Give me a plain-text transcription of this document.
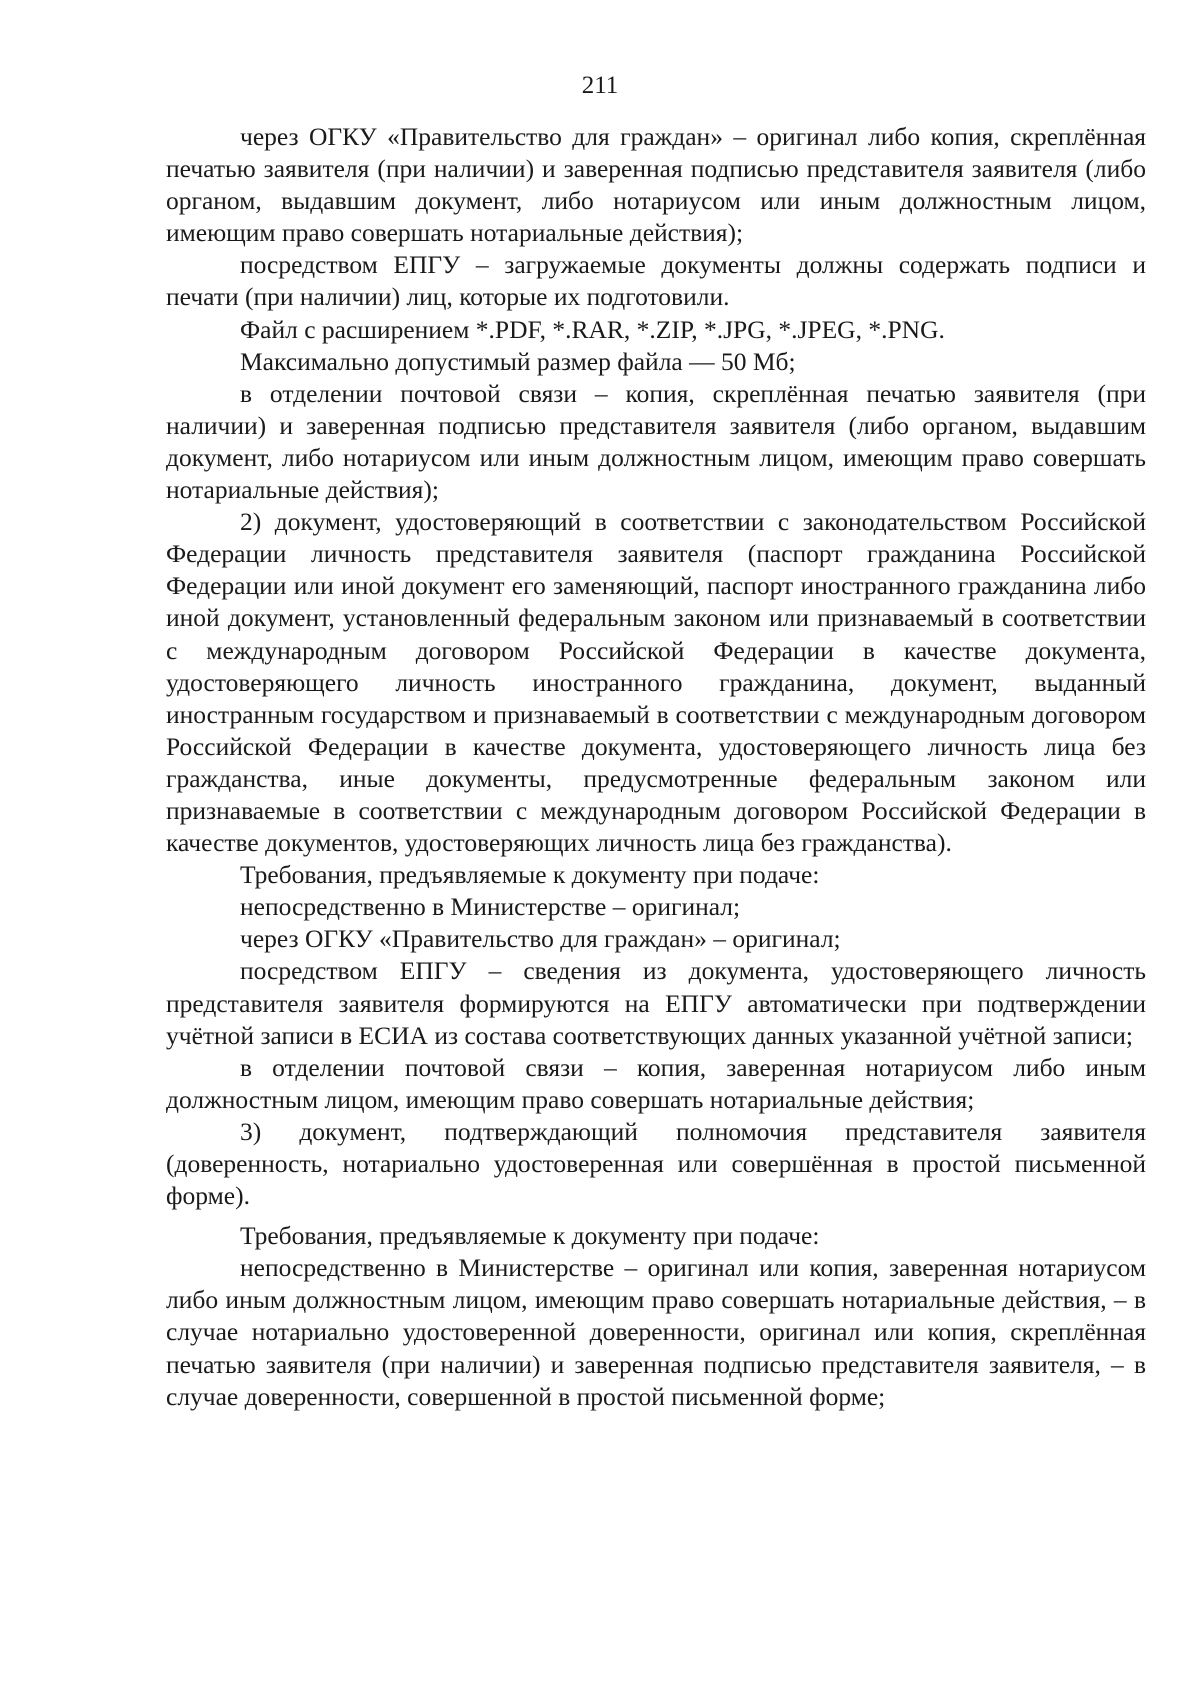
211

через ОГКУ «Правительство для граждан» – оригинал либо копия, скреплённая печатью заявителя (при наличии) и заверенная подписью представителя заявителя (либо органом, выдавшим документ, либо нотариусом или иным должностным лицом, имеющим право совершать нотариальные действия);

посредством ЕПГУ – загружаемые документы должны содержать подписи и печати (при наличии) лиц, которые их подготовили.

Файл с расширением *.PDF, *.RAR, *.ZIP, *.JPG, *.JPEG, *.PNG.

Максимально допустимый размер файла — 50 Мб;

в отделении почтовой связи – копия, скреплённая печатью заявителя (при наличии) и заверенная подписью представителя заявителя (либо органом, выдавшим документ, либо нотариусом или иным должностным лицом, имеющим право совершать нотариальные действия);

2) документ, удостоверяющий в соответствии с законодательством Российской Федерации личность представителя заявителя (паспорт гражданина Российской Федерации или иной документ его заменяющий, паспорт иностранного гражданина либо иной документ, установленный федеральным законом или признаваемый в соответствии с международным договором Российской Федерации в качестве документа, удостоверяющего личность иностранного гражданина, документ, выданный иностранным государством и признаваемый в соответствии с международным договором Российской Федерации в качестве документа, удостоверяющего личность лица без гражданства, иные документы, предусмотренные федеральным законом или признаваемые в соответствии с международным договором Российской Федерации в качестве документов, удостоверяющих личность лица без гражданства).

Требования, предъявляемые к документу при подаче:

непосредственно в Министерстве – оригинал;

через ОГКУ «Правительство для граждан» – оригинал;

посредством ЕПГУ – сведения из документа, удостоверяющего личность представителя заявителя формируются на ЕПГУ автоматически при подтверждении учётной записи в ЕСИА из состава соответствующих данных указанной учётной записи;

в отделении почтовой связи – копия, заверенная нотариусом либо иным должностным лицом, имеющим право совершать нотариальные действия;

3) документ, подтверждающий полномочия представителя заявителя (доверенность, нотариально удостоверенная или совершённая в простой письменной форме).

Требования, предъявляемые к документу при подаче:

непосредственно в Министерстве – оригинал или копия, заверенная нотариусом либо иным должностным лицом, имеющим право совершать нотариальные действия, – в случае нотариально удостоверенной доверенности, оригинал или копия, скреплённая печатью заявителя (при наличии) и заверенная подписью представителя заявителя, – в случае доверенности, совершенной в простой письменной форме;
